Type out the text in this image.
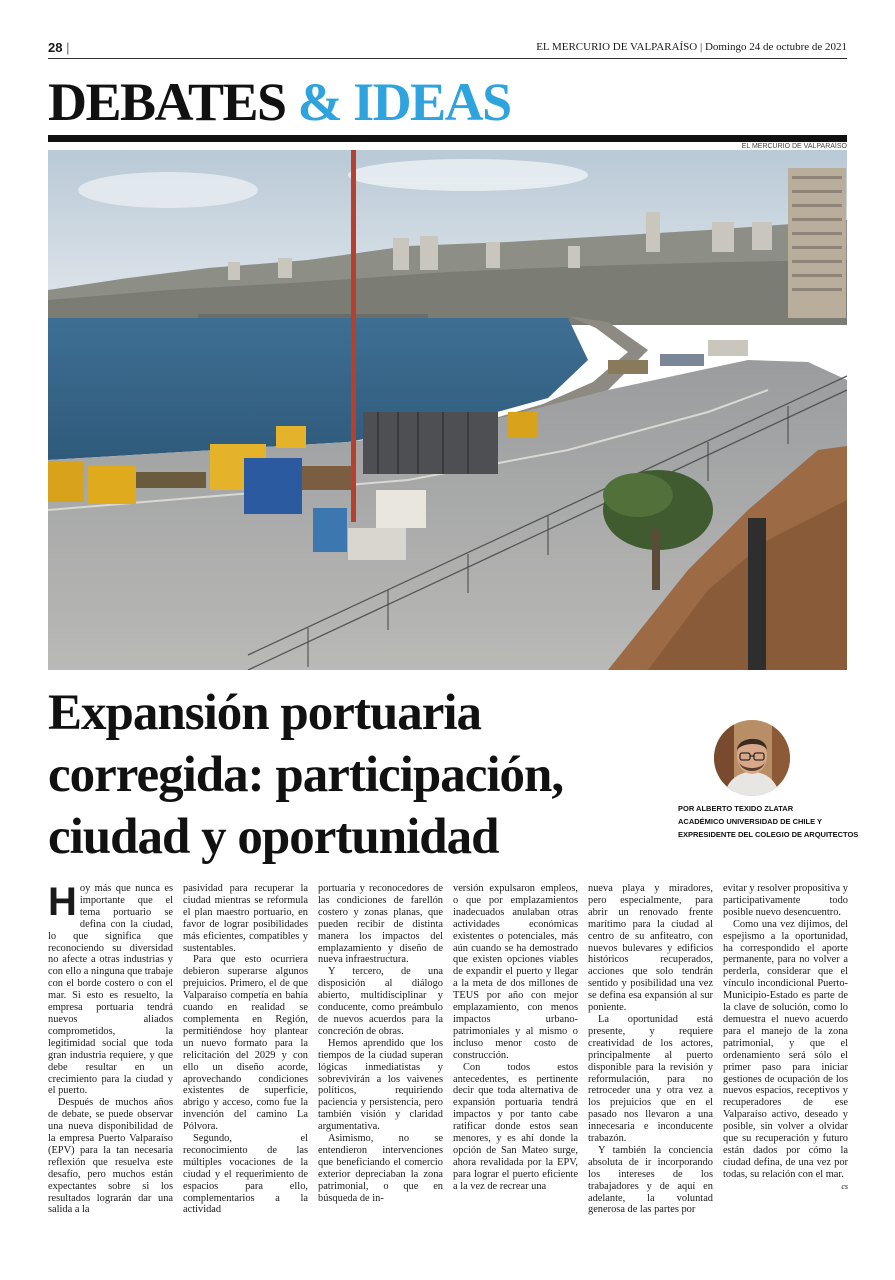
28 |	EL MERCURIO DE VALPARAÍSO | Domingo 24 de octubre de 2021
DEBATES & IDEAS
EL MERCURIO DE VALPARAÍSO
Expansión portuaria corregida: participación, ciudad y oportunidad
POR ALBERTO TEXIDO ZLATAR
ACADÉMICO UNIVERSIDAD DE CHILE Y
EXPRESIDENTE DEL COLEGIO DE ARQUITECTOS

Hoy más que nunca es importante que el tema portuario se defina con la ciudad, lo que significa que reconociendo su diversidad no afecte a otras industrias y con ello a ninguna que trabaje con el borde costero o con el mar. Si esto es resuelto, la empresa portuaria tendrá nuevos aliados comprometidos, la legitimidad social que toda gran industria requiere, y que debe resultar en un crecimiento para la ciudad y el puerto.

Después de muchos años de debate, se puede observar una nueva disponibilidad de la empresa Puerto Valparaíso (EPV) para la tan necesaria reflexión que resuelva este desafío, pero muchos están expectantes sobre si los resultados lograrán dar una salida a la

pasividad para recuperar la ciudad mientras se reformula el plan maestro portuario, en favor de lograr posibilidades más eficientes, compatibles y sustentables.

Para que esto ocurriera debieron superarse algunos prejuicios. Primero, el de que Valparaíso competía en bahía cuando en realidad se complementa en Región, permitiéndose hoy plantear un nuevo formato para la relicitación del 2029 y con ello un diseño acorde, aprovechando condiciones existentes de superficie, abrigo y acceso, como fue la invención del camino La Pólvora.

Segundo, el reconocimiento de las múltiples vocaciones de la ciudad y el requerimiento de espacios para ello, complementarios a la actividad

portuaria y reconocedores de las condiciones de farellón costero y zonas planas, que pueden recibir de distinta manera los impactos del emplazamiento y diseño de nueva infraestructura.

Y tercero, de una disposición al diálogo abierto, multidisciplinar y conducente, como preámbulo de nuevos acuerdos para la concreción de obras.

Hemos aprendido que los tiempos de la ciudad superan lógicas inmediatistas y sobrevivirán a los vaivenes políticos, requiriendo paciencia y persistencia, pero también visión y claridad argumentativa.

Asimismo, no se entendieron intervenciones que beneficiando el comercio exterior depreciaban la zona patrimonial, o que en búsqueda de in-

versión expulsaron empleos, o que por emplazamientos inadecuados anulaban otras actividades económicas existentes o potenciales, más aún cuando se ha demostrado que existen opciones viables de expandir el puerto y llegar a la meta de dos millones de TEUS por año con mejor emplazamiento, con menos impactos urbano-patrimoniales y al mismo o incluso menor costo de construcción.

Con todos estos antecedentes, es pertinente decir que toda alternativa de expansión portuaria tendrá impactos y por tanto cabe ratificar donde estos sean menores, y es ahí donde la opción de San Mateo surge, ahora revalidada por la EPV, para lograr el puerto eficiente a la vez de recrear una

nueva playa y miradores, pero especialmente, para abrir un renovado frente marítimo para la ciudad al centro de su anfiteatro, con nuevos bulevares y edificios históricos recuperados, acciones que solo tendrán sentido y posibilidad una vez se defina esa expansión al sur poniente.

La oportunidad está presente, y requiere creatividad de los actores, principalmente al puerto disponible para la revisión y reformulación, para no retroceder una y otra vez a los prejuicios que en el pasado nos llevaron a una innecesaria e inconducente trabazón.

Y también la conciencia absoluta de ir incorporando los intereses de los trabajadores y de aquí en adelante, la voluntad generosa de las partes por

evitar y resolver propositiva y participativamente todo posible nuevo desencuentro.

Como una vez dijimos, del espejismo a la oportunidad, ha correspondido el aporte permanente, para no volver a perderla, considerar que el vínculo incondicional Puerto-Municipio-Estado es parte de la clave de solución, como lo demuestra el nuevo acuerdo para el manejo de la zona patrimonial, y que el ordenamiento será sólo el primer paso para iniciar gestiones de ocupación de los nuevos espacios, receptivos y recuperadores de ese Valparaíso activo, deseado y posible, sin volver a olvidar que su recuperación y futuro están dados por cómo la ciudad defina, de una vez por todas, su relación con el mar.
cs
